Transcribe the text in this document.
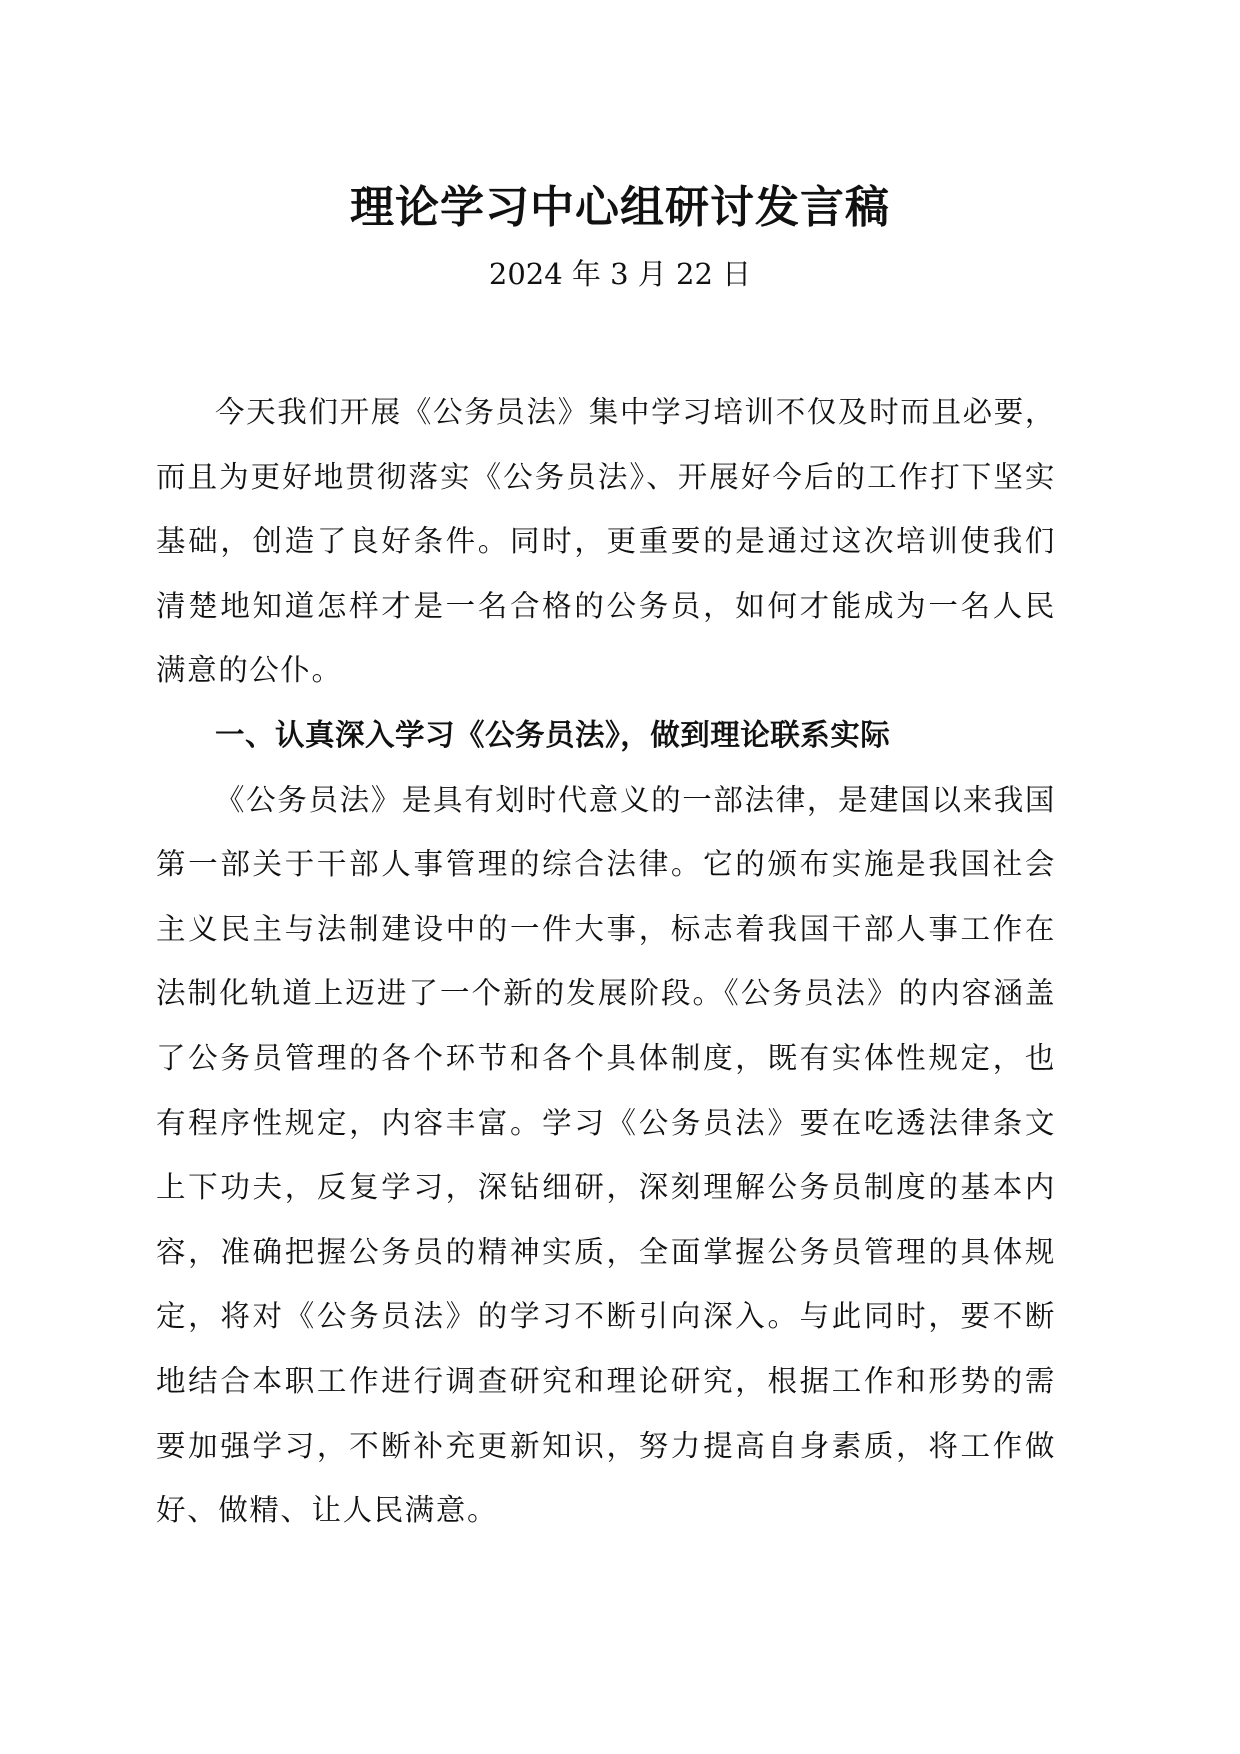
理论学习中心组研讨发言稿
2024 年 3 月 22 日

今天我们开展《公务员法》集中学习培训不仅及时而且必要，而且为更好地贯彻落实《公务员法》、开展好今后的工作打下坚实基础，创造了良好条件。同时，更重要的是通过这次培训使我们清楚地知道怎样才是一名合格的公务员，如何才能成为一名人民满意的公仆。

一、认真深入学习《公务员法》，做到理论联系实际

《公务员法》是具有划时代意义的一部法律，是建国以来我国第一部关于干部人事管理的综合法律。它的颁布实施是我国社会主义民主与法制建设中的一件大事，标志着我国干部人事工作在法制化轨道上迈进了一个新的发展阶段。《公务员法》的内容涵盖了公务员管理的各个环节和各个具体制度，既有实体性规定，也有程序性规定，内容丰富。学习《公务员法》要在吃透法律条文上下功夫，反复学习，深钻细研，深刻理解公务员制度的基本内容，准确把握公务员的精神实质，全面掌握公务员管理的具体规定，将对《公务员法》的学习不断引向深入。与此同时，要不断地结合本职工作进行调查研究和理论研究，根据工作和形势的需要加强学习，不断补充更新知识，努力提高自身素质，将工作做好、做精、让人民满意。
